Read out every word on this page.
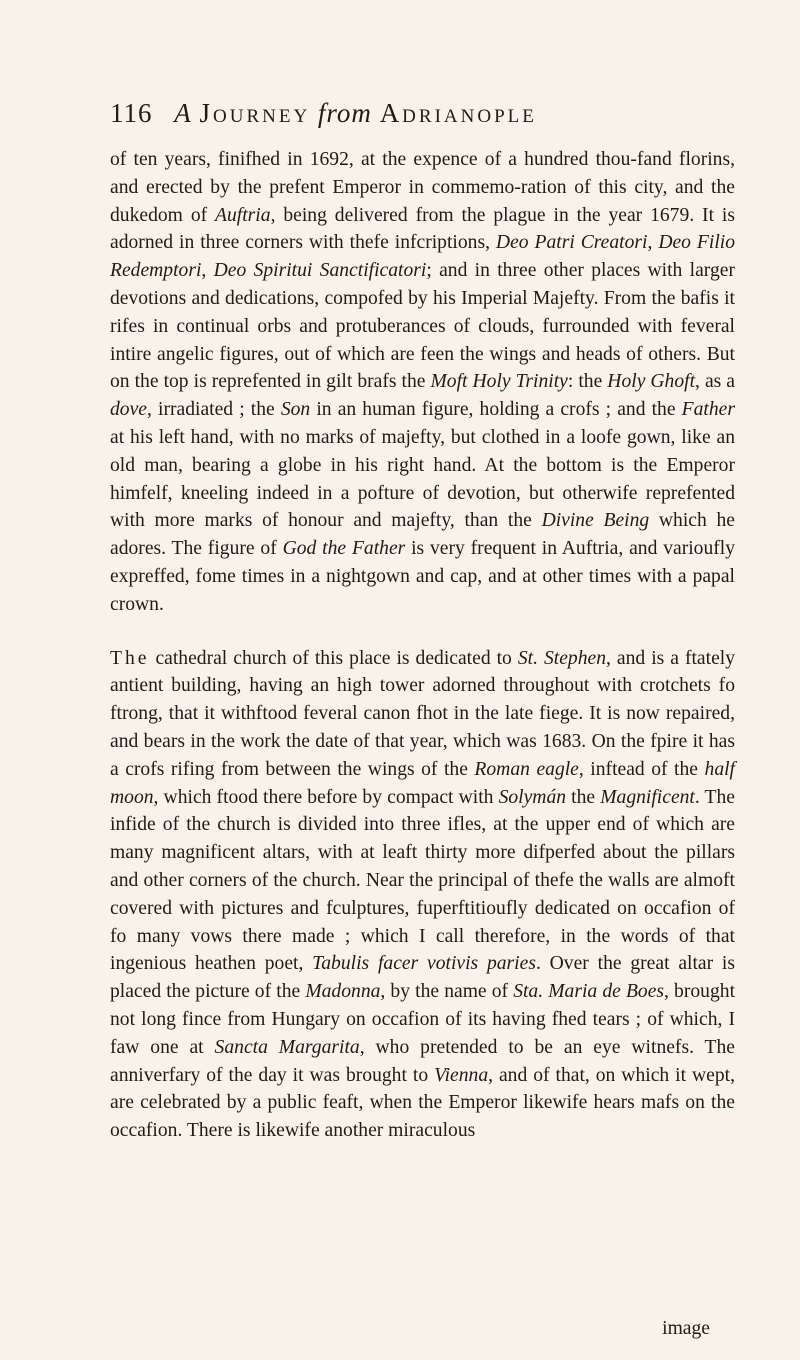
116 A Journey from Adrianople

of ten years, finifhed in 1692, at the expence of a hundred thou-fand florins, and erected by the prefent Emperor in commemo-ration of this city, and the dukedom of Auftria, being delivered from the plague in the year 1679. It is adorned in three corners with thefe infcriptions, Deo Patri Creatori, Deo Filio Redemptori, Deo Spiritui Sanctificatori; and in three other places with larger devotions and dedications, compofed by his Imperial Majefty. From the bafis it rifes in continual orbs and protuberances of clouds, furrounded with feveral intire angelic figures, out of which are feen the wings and heads of others. But on the top is reprefented in gilt brafs the Moft Holy Trinity: the Holy Ghoft, as a dove, irradiated ; the Son in an human figure, holding a crofs ; and the Father at his left hand, with no marks of majefty, but clothed in a loofe gown, like an old man, bearing a globe in his right hand. At the bottom is the Emperor himfelf, kneeling indeed in a pofture of devotion, but otherwife reprefented with more marks of honour and majefty, than the Divine Being which he adores. The figure of God the Father is very frequent in Auftria, and varioufly expreffed, fome times in a nightgown and cap, and at other times with a papal crown.

The cathedral church of this place is dedicated to St. Stephen, and is a ftately antient building, having an high tower adorned throughout with crotchets fo ftrong, that it withftood feveral canon fhot in the late fiege. It is now repaired, and bears in the work the date of that year, which was 1683. On the fpire it has a crofs rifing from between the wings of the Roman eagle, inftead of the half moon, which ftood there before by compact with Solymán the Magnificent. The infide of the church is divided into three ifles, at the upper end of which are many magnificent altars, with at leaft thirty more difperfed about the pillars and other corners of the church. Near the principal of thefe the walls are almoft covered with pictures and fculptures, fuperftitioufly dedicated on occafion of fo many vows there made ; which I call therefore, in the words of that ingenious heathen poet, Tabulis facer votivis paries. Over the great altar is placed the picture of the Madonna, by the name of Sta. Maria de Boes, brought not long fince from Hungary on occafion of its having fhed tears ; of which, I faw one at Sancta Margarita, who pretended to be an eye witnefs. The anniverfary of the day it was brought to Vienna, and of that, on which it wept, are celebrated by a public feaft, when the Emperor likewife hears mafs on the occafion. There is likewife another miraculous

image
